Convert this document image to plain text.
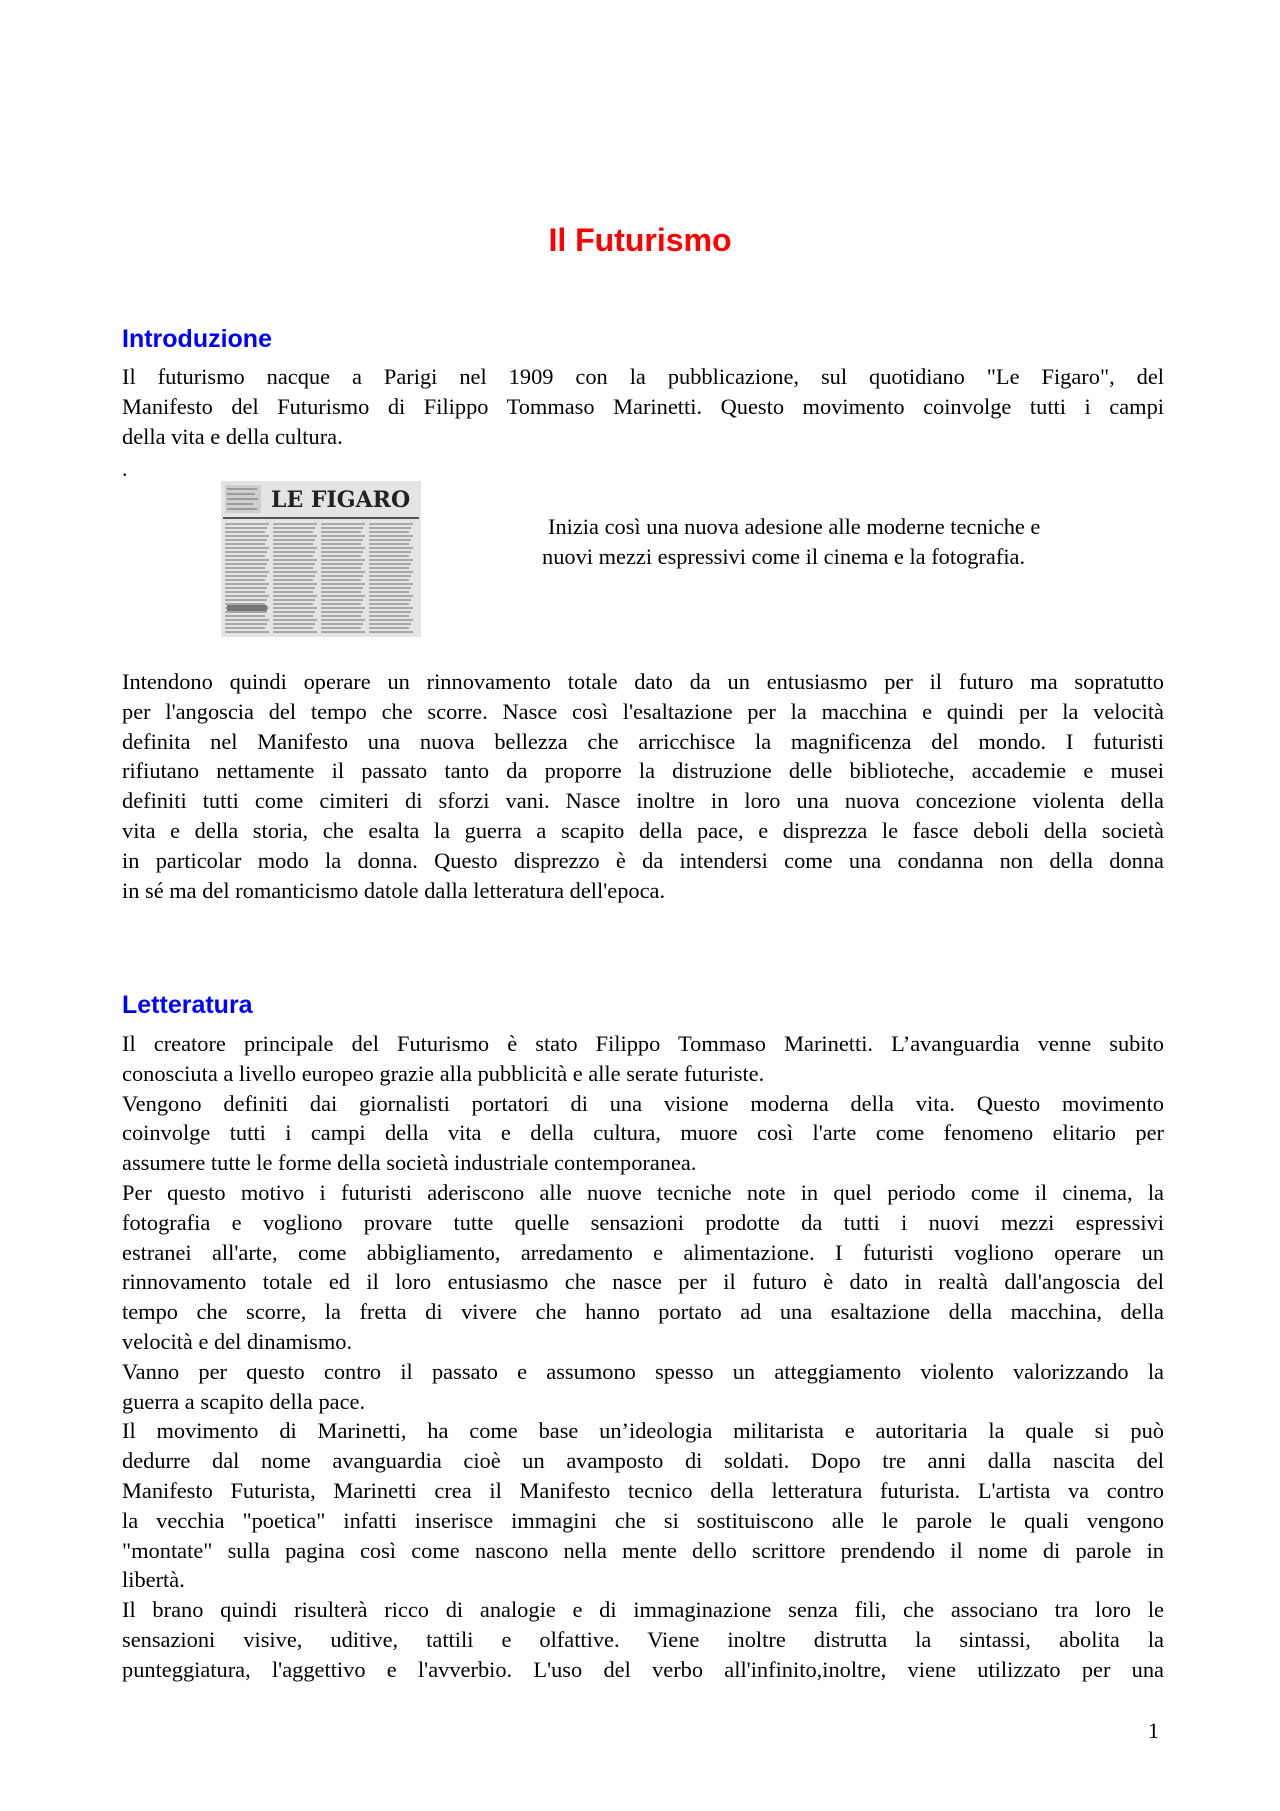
Il Futurismo
Introduzione

Il futurismo nacque a Parigi nel 1909 con la pubblicazione, sul quotidiano "Le Figaro", del
Manifesto del Futurismo di Filippo Tommaso Marinetti. Questo movimento coinvolge tutti i campi
della vita e della cultura.

.

LE FIGARO

Inizia così una nuova adesione alle moderne tecniche e
nuovi mezzi espressivi come il cinema e la fotografia.

Intendono quindi operare un rinnovamento totale dato da un entusiasmo per il futuro ma sopratutto
per l'angoscia del tempo che scorre. Nasce così l'esaltazione per la macchina e quindi per la velocità
definita nel Manifesto una nuova bellezza che arricchisce la magnificenza del mondo. I futuristi
rifiutano nettamente il passato tanto da proporre la distruzione delle biblioteche, accademie e musei
definiti tutti come cimiteri di sforzi vani. Nasce inoltre in loro una nuova concezione violenta della
vita e della storia, che esalta la guerra a scapito della pace, e disprezza le fasce deboli della società
in particolar modo la donna. Questo disprezzo è da intendersi come una condanna non della donna
in sé ma del romanticismo datole dalla letteratura dell'epoca.

Letteratura

Il creatore principale del Futurismo è stato Filippo Tommaso Marinetti. L’avanguardia venne subito
conosciuta a livello europeo grazie alla pubblicità e alle serate futuriste.
Vengono definiti dai giornalisti portatori di una visione moderna della vita. Questo movimento
coinvolge tutti i campi della vita e della cultura, muore così l'arte come fenomeno elitario per
assumere tutte le forme della società industriale contemporanea.
Per questo motivo i futuristi aderiscono alle nuove tecniche note in quel periodo come il cinema, la
fotografia e vogliono provare tutte quelle sensazioni prodotte da tutti i nuovi mezzi espressivi
estranei all'arte, come abbigliamento, arredamento e alimentazione. I futuristi vogliono operare un
rinnovamento totale ed il loro entusiasmo che nasce per il futuro è dato in realtà dall'angoscia del
tempo che scorre, la fretta di vivere che hanno portato ad una esaltazione della macchina, della
velocità e del dinamismo.
Vanno per questo contro il passato e assumono spesso un atteggiamento violento valorizzando la
guerra a scapito della pace.
Il movimento di Marinetti, ha come base un’ideologia militarista e autoritaria la quale si può
dedurre dal nome avanguardia cioè un avamposto di soldati. Dopo tre anni dalla nascita del
Manifesto Futurista, Marinetti crea il Manifesto tecnico della letteratura futurista. L'artista va contro
la vecchia "poetica" infatti inserisce immagini che si sostituiscono alle le parole le quali vengono
"montate" sulla pagina così come nascono nella mente dello scrittore prendendo il nome di parole in
libertà.
Il brano quindi risulterà ricco di analogie e di immaginazione senza fili, che associano tra loro le
sensazioni visive, uditive, tattili e olfattive. Viene inoltre distrutta la sintassi, abolita la
punteggiatura, l'aggettivo e l'avverbio. L'uso del verbo all'infinito,inoltre, viene utilizzato per una

1
